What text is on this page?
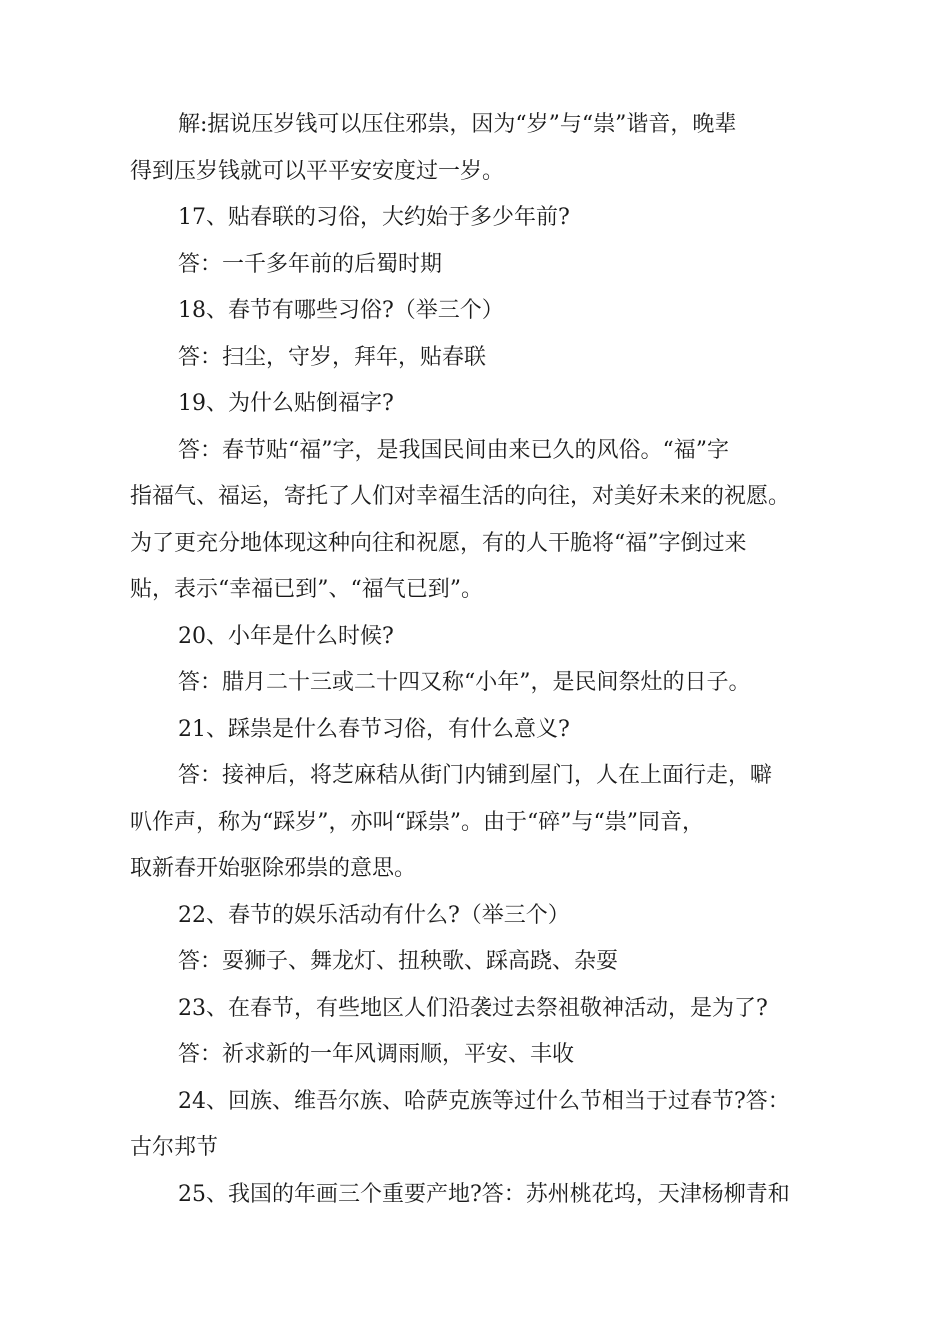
解:据说压岁钱可以压住邪祟，因为“岁”与“祟”谐音，晚辈
得到压岁钱就可以平平安安度过一岁。

17、贴春联的习俗，大约始于多少年前?

答：一千多年前的后蜀时期

18、春节有哪些习俗?（举三个）

答：扫尘，守岁，拜年，贴春联

19、为什么贴倒福字?

答：春节贴“福”字，是我国民间由来已久的风俗。“福”字
指福气、福运，寄托了人们对幸福生活的向往，对美好未来的祝愿。
为了更充分地体现这种向往和祝愿，有的人干脆将“福”字倒过来
贴，表示“幸福已到”、“福气已到”。

20、小年是什么时候?

答：腊月二十三或二十四又称“小年”，是民间祭灶的日子。

21、踩祟是什么春节习俗，有什么意义?

答：接神后，将芝麻秸从街门内铺到屋门，人在上面行走，噼
叭作声，称为“踩岁”，亦叫“踩祟”。由于“碎”与“祟”同音，
取新春开始驱除邪祟的意思。

22、春节的娱乐活动有什么?（举三个）

答：耍狮子、舞龙灯、扭秧歌、踩高跷、杂耍

23、在春节，有些地区人们沿袭过去祭祖敬神活动，是为了?

答：祈求新的一年风调雨顺，平安、丰收

24、回族、维吾尔族、哈萨克族等过什么节相当于过春节?答：
古尔邦节

25、我国的年画三个重要产地?答：苏州桃花坞，天津杨柳青和
